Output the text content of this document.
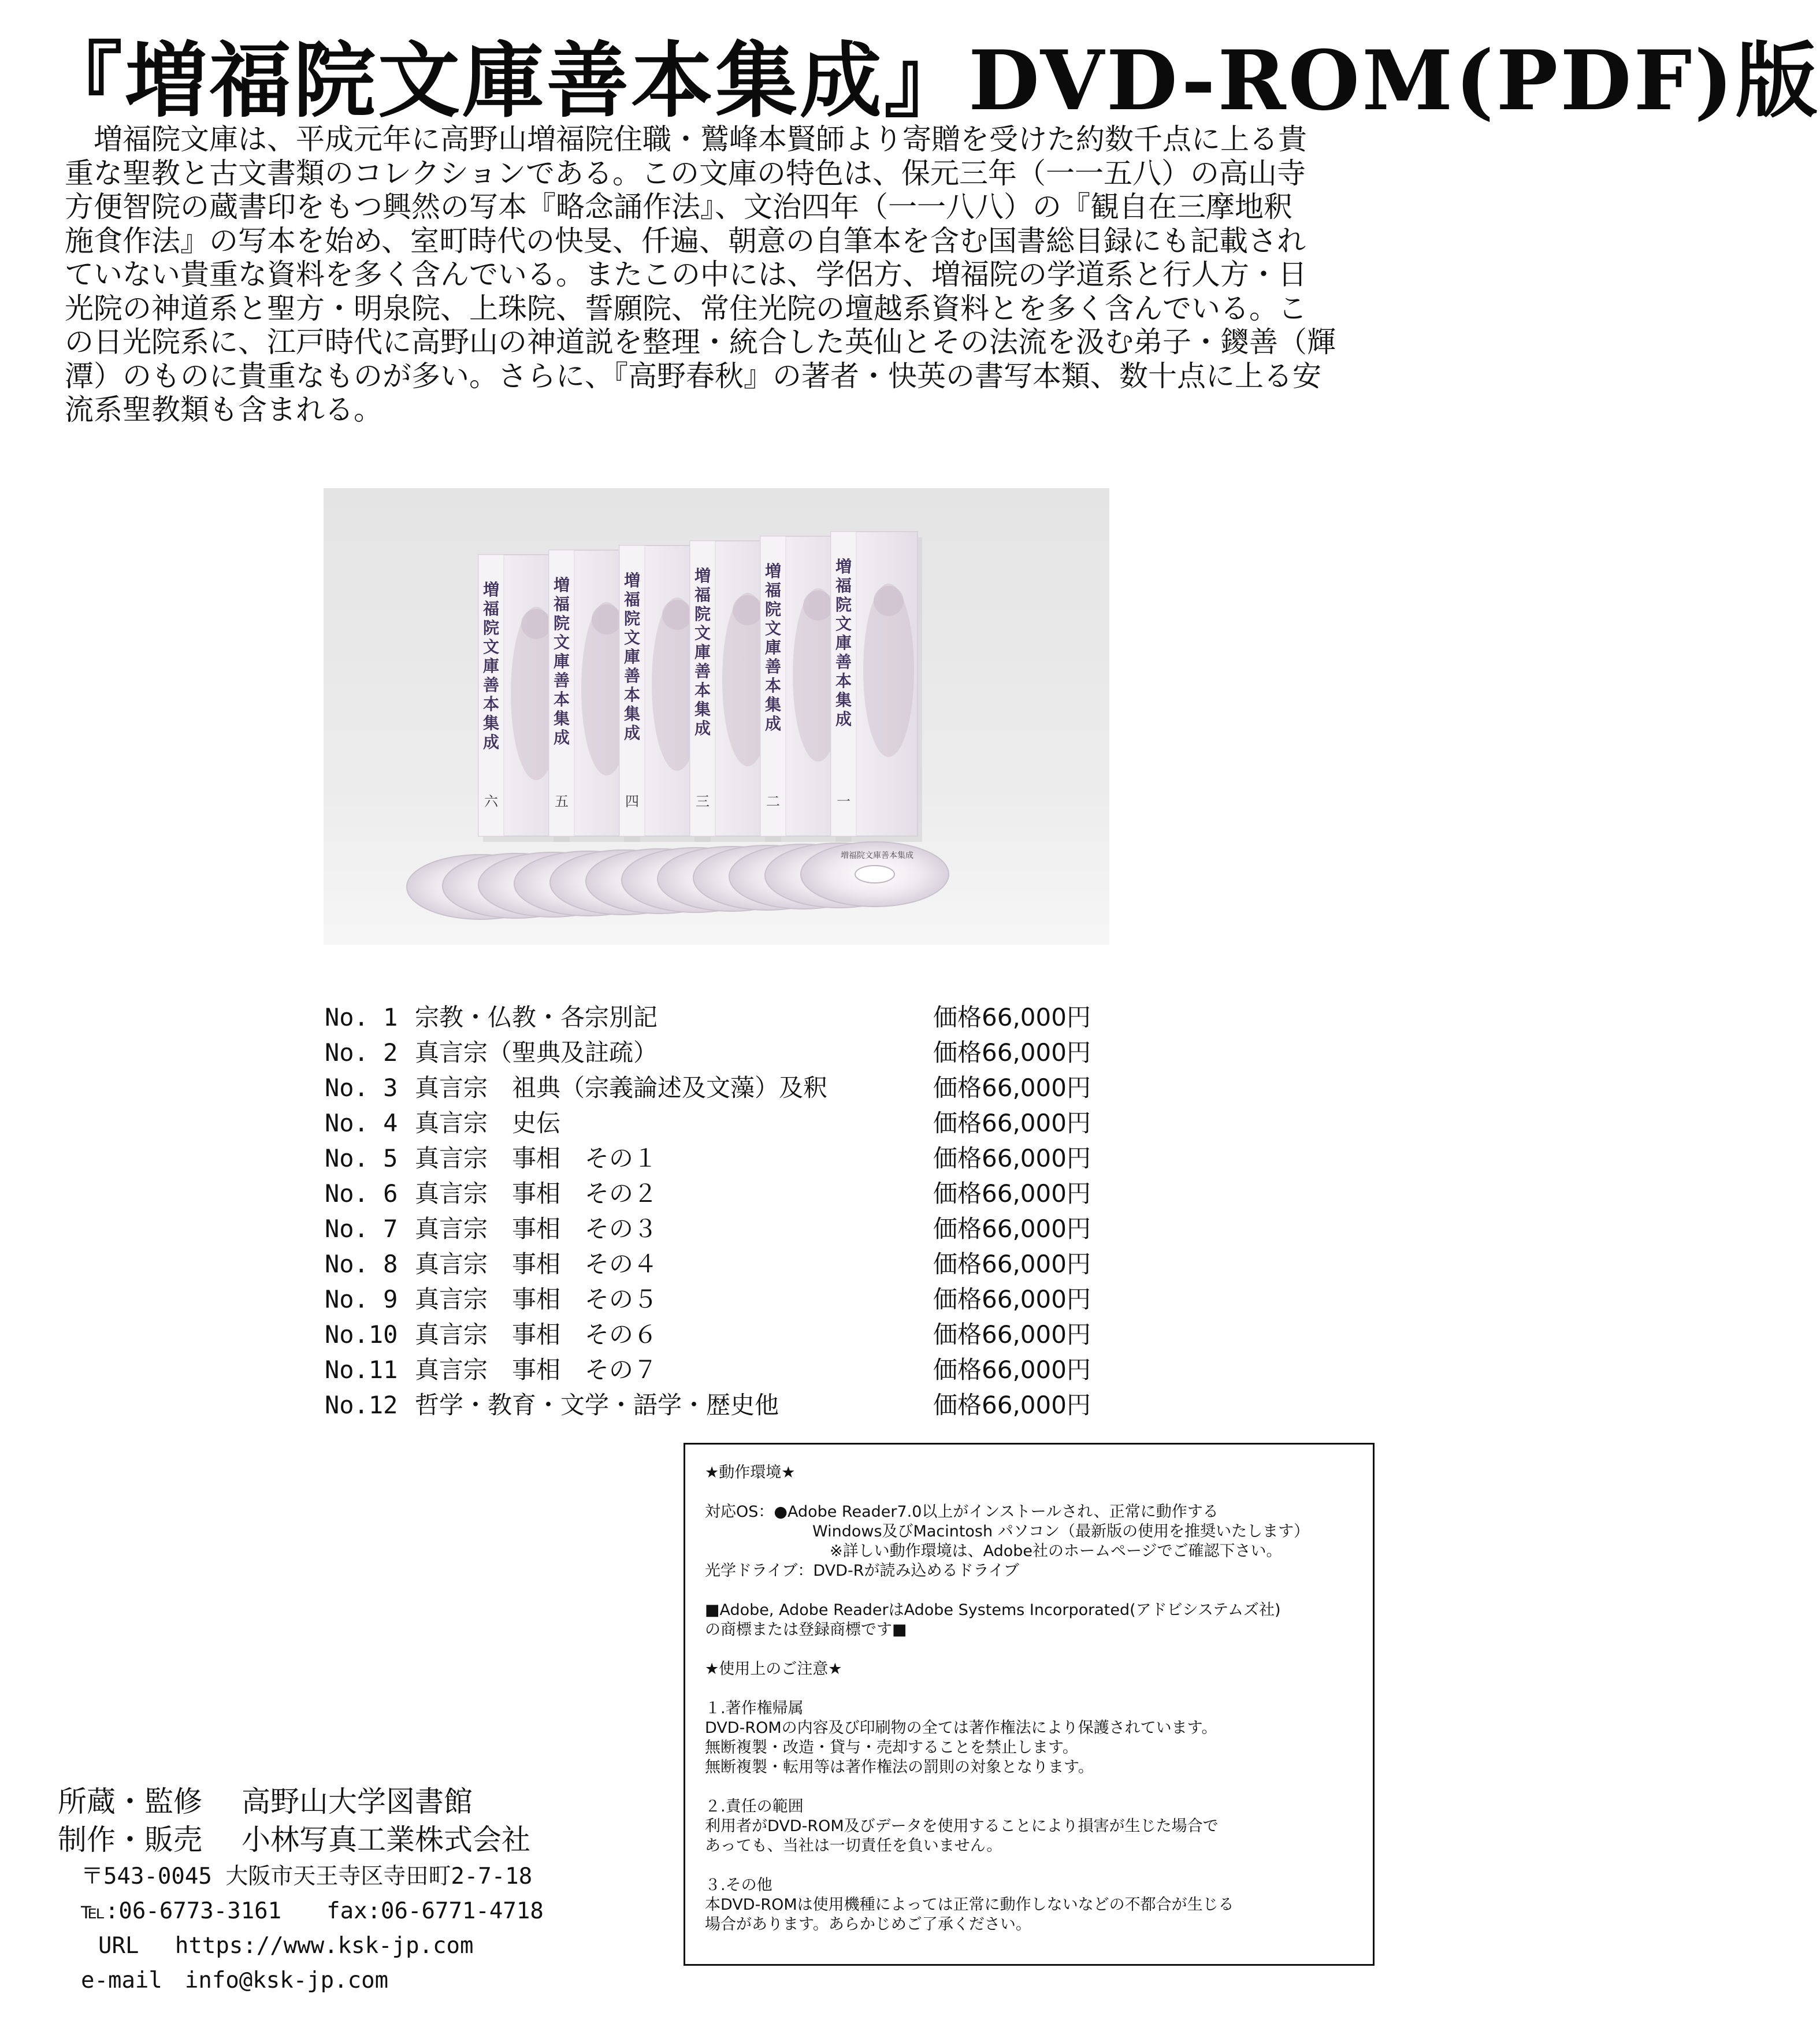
『増福院文庫善本集成』DVD-ROM(PDF)版
増福院文庫は、平成元年に高野山増福院住職・鷲峰本賢師より寄贈を受けた約数千点に上る貴
重な聖教と古文書類のコレクションである。この文庫の特色は、保元三年（一一五八）の高山寺
方便智院の蔵書印をもつ興然の写本『略念誦作法』、文治四年（一一八八）の『観自在三摩地釈
施食作法』の写本を始め、室町時代の快旻、仟遍、朝意の自筆本を含む国書総目録にも記載され
ていない貴重な資料を多く含んでいる。またこの中には、学侶方、増福院の学道系と行人方・日
光院の神道系と聖方・明泉院、上珠院、誓願院、常住光院の壇越系資料とを多く含んでいる。こ
の日光院系に、江戸時代に高野山の神道説を整理・統合した英仙とその法流を汲む弟子・鑁善（輝
潭）のものに貴重なものが多い。さらに、『高野春秋』の著者・快英の書写本類、数十点に上る安
流系聖教類も含まれる。
増
福
院
文
庫
善
本
集
成
六
増
福
院
文
庫
善
本
集
成
五
増
福
院
文
庫
善
本
集
成
四
増
福
院
文
庫
善
本
集
成
三
増
福
院
文
庫
善
本
集
成
二
増
福
院
文
庫
善
本
集
成
一
増福院文庫善本集成
No. 1 宗教・仏教・各宗別記	価格66,000円
No. 2 真言宗（聖典及註疏）	価格66,000円
No. 3 真言宗　祖典（宗義論述及文藻）及釈	価格66,000円
No. 4 真言宗　史伝	価格66,000円
No. 5 真言宗　事相　その１	価格66,000円
No. 6 真言宗　事相　その２	価格66,000円
No. 7 真言宗　事相　その３	価格66,000円
No. 8 真言宗　事相　その４	価格66,000円
No. 9 真言宗　事相　その５	価格66,000円
No.10 真言宗　事相　その６	価格66,000円
No.11 真言宗　事相　その７	価格66,000円
No.12 哲学・教育・文学・語学・歴史他	価格66,000円
★動作環境★
対応OS：●Adobe Reader7.0以上がインストールされ、正常に動作する
Windows及びMacintosh パソコン（最新版の使用を推奨いたします）
※詳しい動作環境は、Adobe社のホームページでご確認下さい。
光学ドライブ：DVD-Rが読み込めるドライブ
■Adobe, Adobe ReaderはAdobe Systems Incorporated(アドビシステムズ社)
の商標または登録商標です■
★使用上のご注意★
１.著作権帰属
DVD-ROMの内容及び印刷物の全ては著作権法により保護されています。
無断複製・改造・貸与・売却することを禁止します。
無断複製・転用等は著作権法の罰則の対象となります。
２.責任の範囲
利用者がDVD-ROM及びデータを使用することにより損害が生じた場合で
あっても、当社は一切責任を負いません。
３.その他
本DVD-ROMは使用機種によっては正常に動作しないなどの不都合が生じる
場合があります。あらかじめご了承ください。
所蔵・監修 高野山大学図書館
制作・販売 小林写真工業株式会社
〒543-0045 大阪市天王寺区寺田町2-7-18
℡:06-6773-3161　　fax:06-6771-4718
URL　 https://www.ksk-jp.com
e-mail　info@ksk-jp.com
